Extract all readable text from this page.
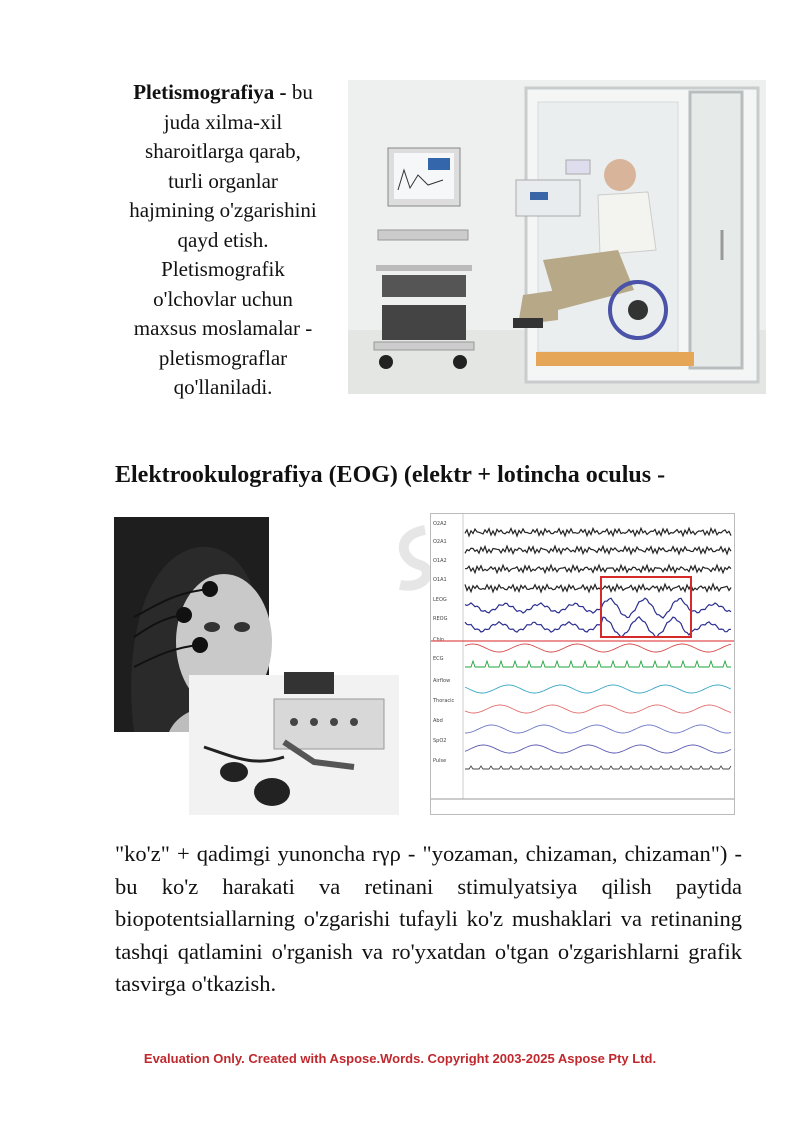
Pletismografiya - bu
juda xilma-xil
sharoitlarga qarab,
turli organlar
hajmining o'zgarishini
qayd etish.
Pletismografik
o'lchovlar uchun
maxsus moslamalar -
pletismograflar
qo'llaniladi.
Elektrookulografiya (EOG) (elektr + lotincha oculus -
O2A2
O2A1
O1A2
O1A1
LEOG
REOG
Chin
ECG
Airflow
Thoracic
Abd
SpO2
Pulse
"ko'z" + qadimgi yunoncha rγρ - "yozaman, chizaman, chizaman") - bu ko'z harakati va retinani stimulyatsiya qilish paytida biopotentsiallarning o'zgarishi tufayli ko'z mushaklari va retinaning tashqi qatlamini o'rganish va ro'yxatdan o'tgan o'zgarishlarni grafik tasvirga o'tkazish.
Evaluation Only. Created with Aspose.Words. Copyright 2003-2025 Aspose Pty Ltd.
